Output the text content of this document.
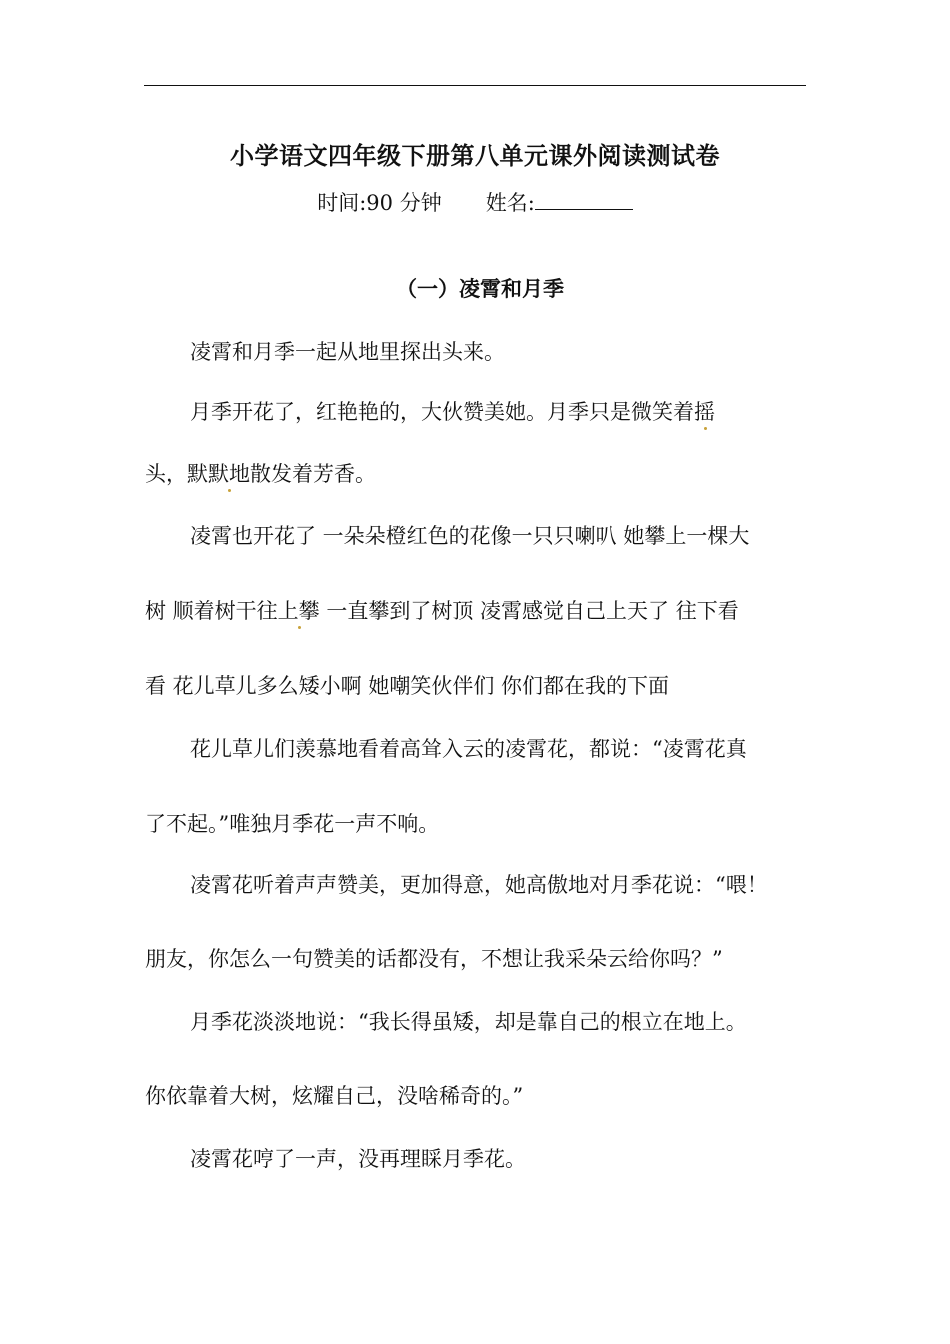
小学语文四年级下册第八单元课外阅读测试卷
时间:90 分钟 姓名:
（一）凌霄和月季
凌霄和月季一起从地里探出头来。
月季开花了，红艳艳的，大伙赞美她。月季只是微笑着摇
头，默默地散发着芳香。
凌霄也开花了 一朵朵橙红色的花像一只只喇叭 她攀上一棵大
树 顺着树干往上攀 一直攀到了树顶 凌霄感觉自己上天了 往下看
看 花儿草儿多么矮小啊 她嘲笑伙伴们 你们都在我的下面
花儿草儿们羡慕地看着高耸入云的凌霄花，都说：“凌霄花真
了不起。”唯独月季花一声不响。
凌霄花听着声声赞美，更加得意，她高傲地对月季花说：“喂！
朋友，你怎么一句赞美的话都没有，不想让我采朵云给你吗？”
月季花淡淡地说：“我长得虽矮，却是靠自己的根立在地上。
你依靠着大树，炫耀自己，没啥稀奇的。”
凌霄花哼了一声，没再理睬月季花。
